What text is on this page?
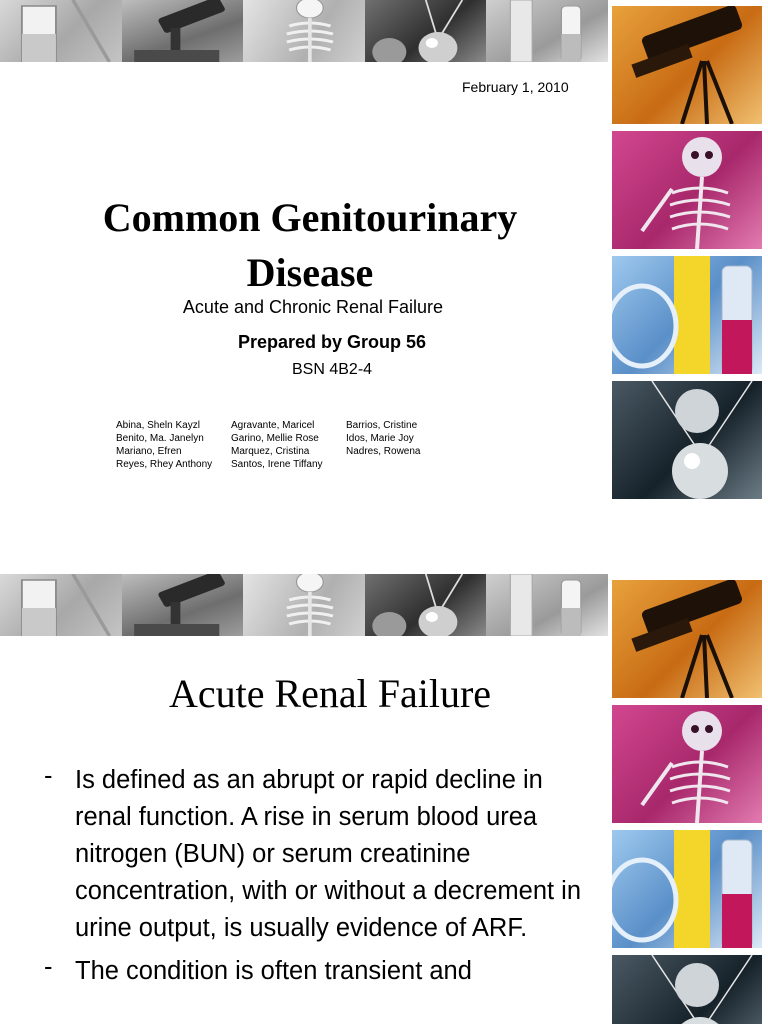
February 1, 2010
Common Genitourinary
Disease
Acute and Chronic Renal Failure
Prepared by Group 56
BSN 4B2-4
Abina, Sheln Kayzl
Benito, Ma. Janelyn
Mariano, Efren
Reyes, Rhey Anthony
Agravante, Maricel
Garino, Mellie Rose
Marquez, Cristina
Santos, Irene Tiffany
Barrios, Cristine
Idos, Marie Joy
Nadres, Rowena
Acute Renal Failure
- Is defined as an abrupt or rapid decline in renal function. A rise in serum blood urea nitrogen (BUN) or serum creatinine concentration, with or without a decrement in urine output, is usually evidence of ARF.
- The condition is often transient and
